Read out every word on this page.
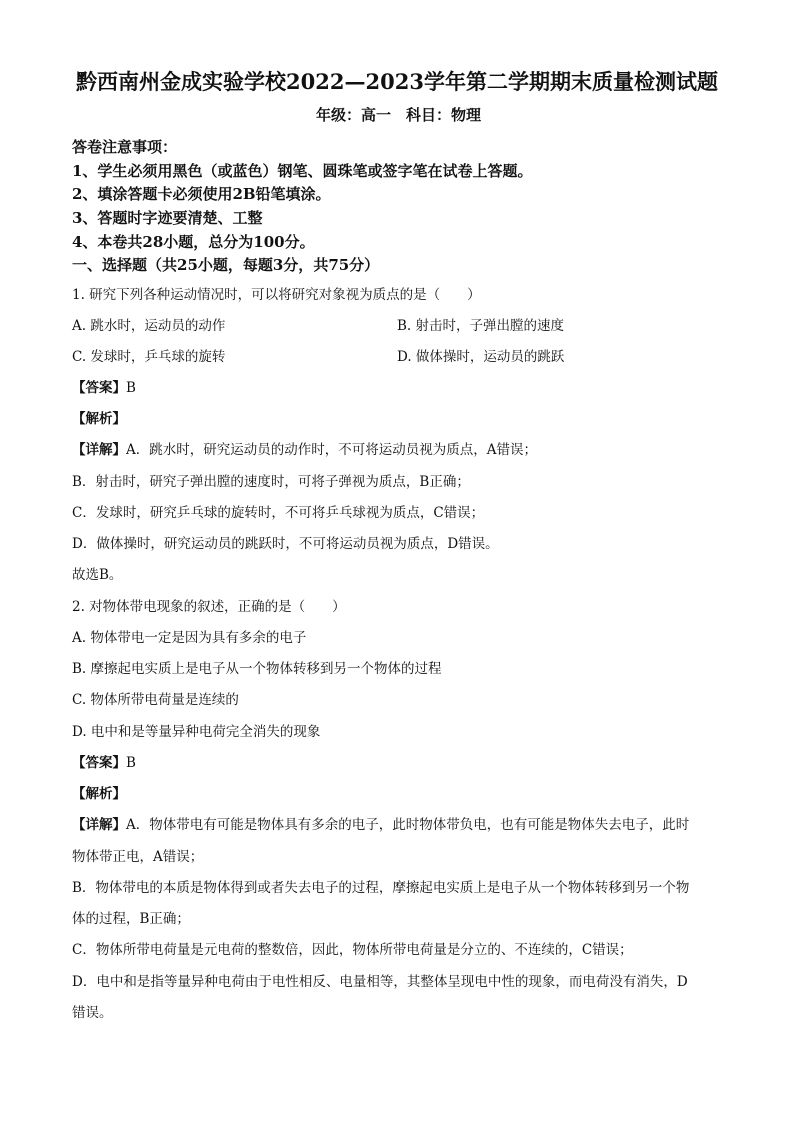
黔西南州金成实验学校2022—2023学年第二学期期末质量检测试题
年级：高一　科目：物理
答卷注意事项：
1、学生必须用黑色（或蓝色）钢笔、圆珠笔或签字笔在试卷上答题。
2、填涂答题卡必须使用2B铅笔填涂。
3、答题时字迹要清楚、工整
4、本卷共28小题，总分为100分。
一、选择题（共25小题，每题3分，共75分）
1. 研究下列各种运动情况时，可以将研究对象视为质点的是（　　）
A. 跳水时，运动员的动作	B. 射击时，子弹出膛的速度
C. 发球时，乒乓球的旋转	D. 做体操时，运动员的跳跃
【答案】B
【解析】
【详解】A．跳水时，研究运动员的动作时，不可将运动员视为质点，A错误；
B．射击时，研究子弹出膛的速度时，可将子弹视为质点，B正确；
C．发球时，研究乒乓球的旋转时，不可将乒乓球视为质点，C错误；
D．做体操时，研究运动员的跳跃时，不可将运动员视为质点，D错误。
故选B。
2. 对物体带电现象的叙述，正确的是（　　）
A. 物体带电一定是因为具有多余的电子
B. 摩擦起电实质上是电子从一个物体转移到另一个物体的过程
C. 物体所带电荷量是连续的
D. 电中和是等量异种电荷完全消失的现象
【答案】B
【解析】
【详解】A．物体带电有可能是物体具有多余的电子，此时物体带负电，也有可能是物体失去电子，此时
物体带正电，A错误；
B．物体带电的本质是物体得到或者失去电子的过程，摩擦起电实质上是电子从一个物体转移到另一个物
体的过程，B正确；
C．物体所带电荷量是元电荷的整数倍，因此，物体所带电荷量是分立的、不连续的，C错误；
D．电中和是指等量异种电荷由于电性相反、电量相等，其整体呈现电中性的现象，而电荷没有消失，D
错误。
